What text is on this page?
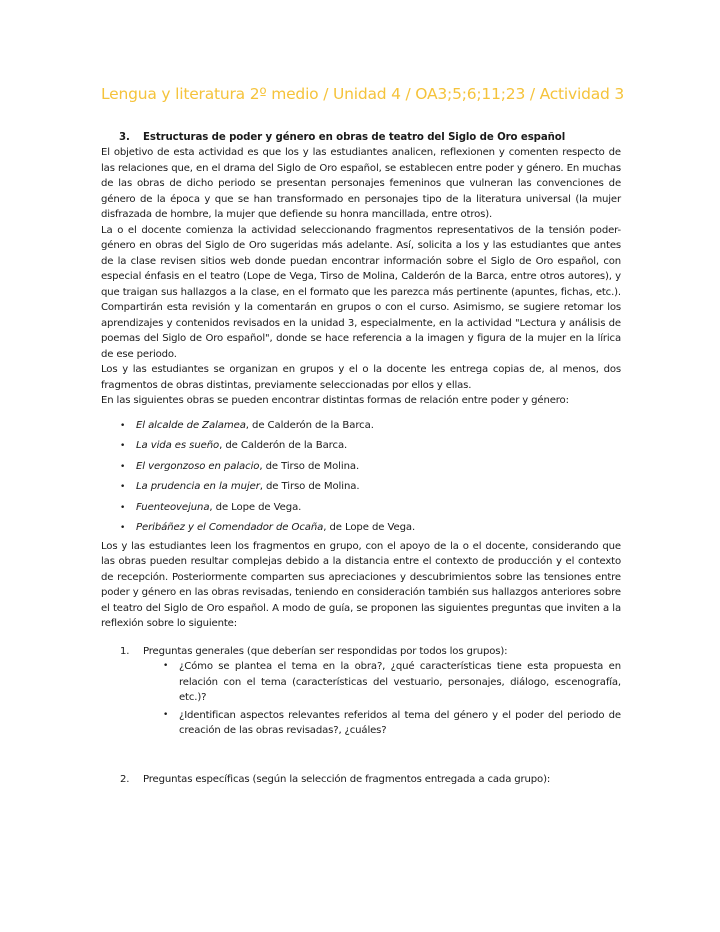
Lengua y literatura 2º medio / Unidad 4 / OA3;5;6;11;23 / Actividad 3
3. Estructuras de poder y género en obras de teatro del Siglo de Oro español

El objetivo de esta actividad es que los y las estudiantes analicen, reflexionen y comenten respecto de las relaciones que, en el drama del Siglo de Oro español, se establecen entre poder y género. En muchas de las obras de dicho periodo se presentan personajes femeninos que vulneran las convenciones de género de la época y que se han transformado en personajes tipo de la literatura universal (la mujer disfrazada de hombre, la mujer que defiende su honra mancillada, entre otros).

La o el docente comienza la actividad seleccionando fragmentos representativos de la tensión poder-género en obras del Siglo de Oro sugeridas más adelante. Así, solicita a los y las estudiantes que antes de la clase revisen sitios web donde puedan encontrar información sobre el Siglo de Oro español, con especial énfasis en el teatro (Lope de Vega, Tirso de Molina, Calderón de la Barca, entre otros autores), y que traigan sus hallazgos a la clase, en el formato que les parezca más pertinente (apuntes, fichas, etc.). Compartirán esta revisión y la comentarán en grupos o con el curso. Asimismo, se sugiere retomar los aprendizajes y contenidos revisados en la unidad 3, especialmente, en la actividad "Lectura y análisis de poemas del Siglo de Oro español", donde se hace referencia a la imagen y figura de la mujer en la lírica de ese periodo.

Los y las estudiantes se organizan en grupos y el o la docente les entrega copias de, al menos, dos fragmentos de obras distintas, previamente seleccionadas por ellos y ellas.

En las siguientes obras se pueden encontrar distintas formas de relación entre poder y género:

• El alcalde de Zalamea, de Calderón de la Barca.
• La vida es sueño, de Calderón de la Barca.
• El vergonzoso en palacio, de Tirso de Molina.
• La prudencia en la mujer, de Tirso de Molina.
• Fuenteovejuna, de Lope de Vega.
• Peribáñez y el Comendador de Ocaña, de Lope de Vega.

Los y las estudiantes leen los fragmentos en grupo, con el apoyo de la o el docente, considerando que las obras pueden resultar complejas debido a la distancia entre el contexto de producción y el contexto de recepción. Posteriormente comparten sus apreciaciones y descubrimientos sobre las tensiones entre poder y género en las obras revisadas, teniendo en consideración también sus hallazgos anteriores sobre el teatro del Siglo de Oro español. A modo de guía, se proponen las siguientes preguntas que inviten a la reflexión sobre lo siguiente:

1. Preguntas generales (que deberían ser respondidas por todos los grupos):
• ¿Cómo se plantea el tema en la obra?, ¿qué características tiene esta propuesta en relación con el tema (características del vestuario, personajes, diálogo, escenografía, etc.)?
• ¿Identifican aspectos relevantes referidos al tema del género y el poder del periodo de creación de las obras revisadas?, ¿cuáles?
2. Preguntas específicas (según la selección de fragmentos entregada a cada grupo):
